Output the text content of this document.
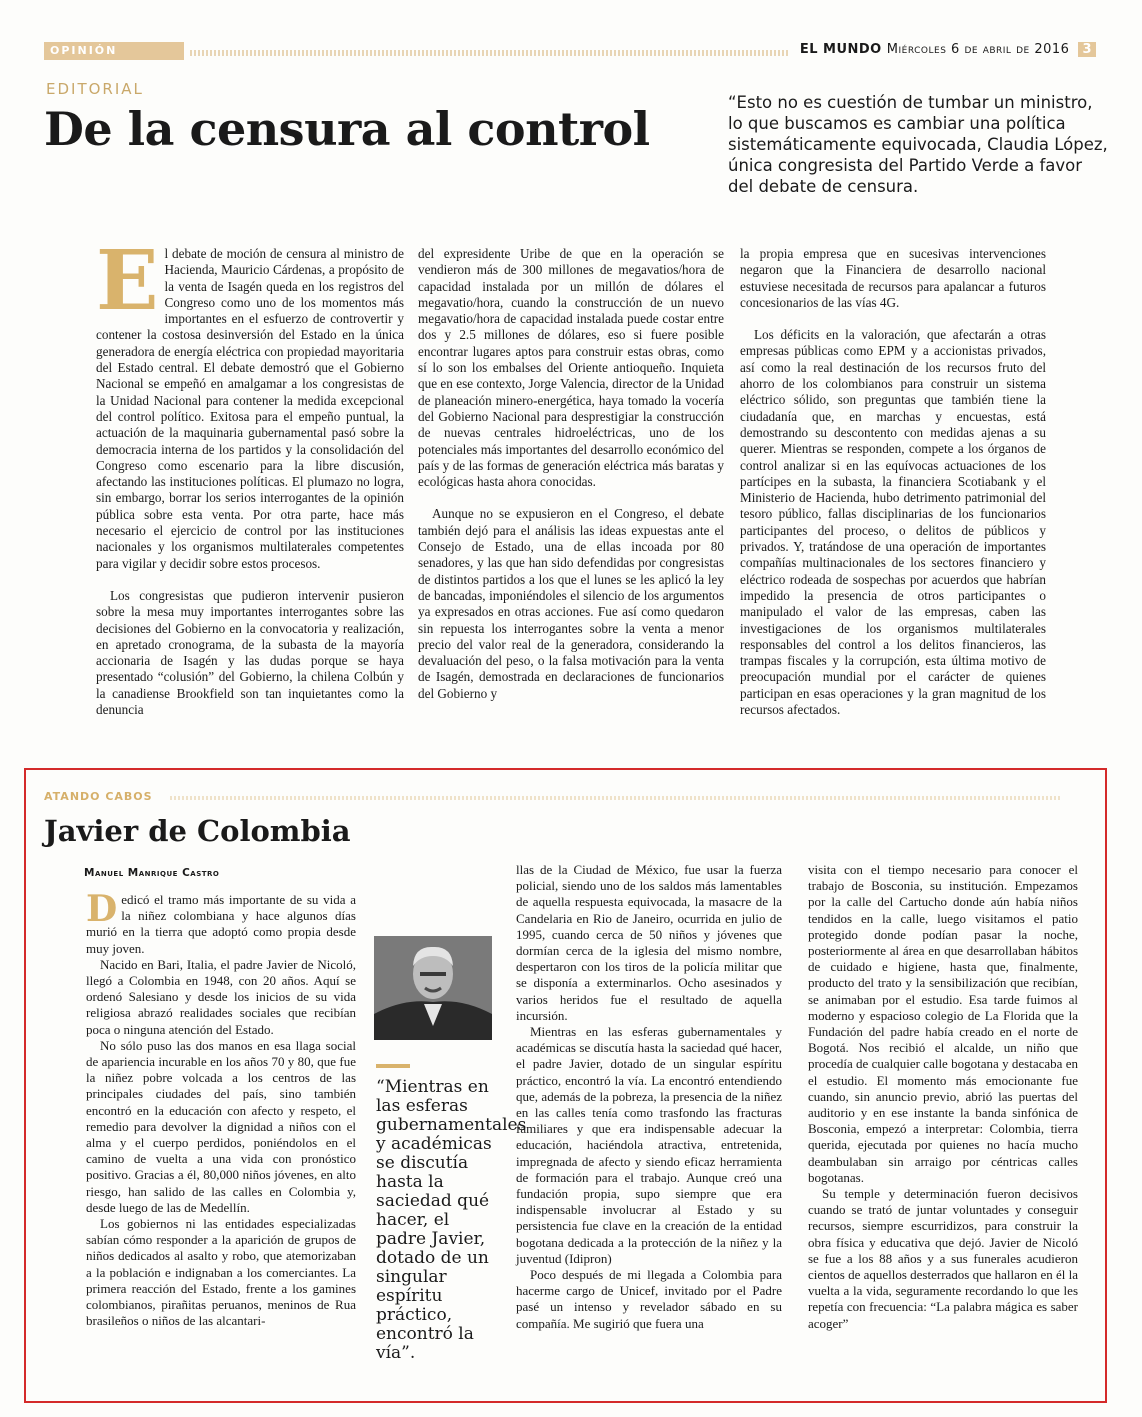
OPINIÓN	EL MUNDO Miércoles 6 de abril de 2016 3
EDITORIAL
De la censura al control	“Esto no es cuestión de tumbar un ministro, lo que buscamos es cambiar una política sistemáticamente equivocada, Claudia López, única congresista del Partido Verde a favor del debate de censura.

El debate de moción de censura al ministro de Hacienda, Mauricio Cárdenas, a propósito de la venta de Isagén queda en los registros del Congreso como uno de los momentos más importantes en el esfuerzo de controvertir y contener la costosa desinversión del Estado en la única generadora de energía eléctrica con propiedad mayoritaria del Estado central. El debate demostró que el Gobierno Nacional se empeñó en amalgamar a los congresistas de la Unidad Nacional para contener la medida excepcional del control político. Exitosa para el empeño puntual, la actuación de la maquinaria gubernamental pasó sobre la democracia interna de los partidos y la consolidación del Congreso como escenario para la libre discusión, afectando las instituciones políticas. El plumazo no logra, sin embargo, borrar los serios interrogantes de la opinión pública sobre esta venta. Por otra parte, hace más necesario el ejercicio de control por las instituciones nacionales y los organismos multilaterales competentes para vigilar y decidir sobre estos procesos.

Los congresistas que pudieron intervenir pusieron sobre la mesa muy importantes interrogantes sobre las decisiones del Gobierno en la convocatoria y realización, en apretado cronograma, de la subasta de la mayoría accionaria de Isagén y las dudas porque se haya presentado “colusión” del Gobierno, la chilena Colbún y la canadiense Brookfield son tan inquietantes como la denuncia

del expresidente Uribe de que en la operación se vendieron más de 300 millones de megavatios/hora de capacidad instalada por un millón de dólares el megavatio/hora, cuando la construcción de un nuevo megavatio/hora de capacidad instalada puede costar entre dos y 2.5 millones de dólares, eso si fuere posible encontrar lugares aptos para construir estas obras, como sí lo son los embalses del Oriente antioqueño. Inquieta que en ese contexto, Jorge Valencia, director de la Unidad de planeación minero-energética, haya tomado la vocería del Gobierno Nacional para desprestigiar la construcción de nuevas centrales hidroeléctricas, uno de los potenciales más importantes del desarrollo económico del país y de las formas de generación eléctrica más baratas y ecológicas hasta ahora conocidas.

Aunque no se expusieron en el Congreso, el debate también dejó para el análisis las ideas expuestas ante el Consejo de Estado, una de ellas incoada por 80 senadores, y las que han sido defendidas por congresistas de distintos partidos a los que el lunes se les aplicó la ley de bancadas, imponiéndoles el silencio de los argumentos ya expresados en otras acciones. Fue así como quedaron sin repuesta los interrogantes sobre la venta a menor precio del valor real de la generadora, considerando la devaluación del peso, o la falsa motivación para la venta de Isagén, demostrada en declaraciones de funcionarios del Gobierno y

la propia empresa que en sucesivas intervenciones negaron que la Financiera de desarrollo nacional estuviese necesitada de recursos para apalancar a futuros concesionarios de las vías 4G.

Los déficits en la valoración, que afectarán a otras empresas públicas como EPM y a accionistas privados, así como la real destinación de los recursos fruto del ahorro de los colombianos para construir un sistema eléctrico sólido, son preguntas que también tiene la ciudadanía que, en marchas y encuestas, está demostrando su descontento con medidas ajenas a su querer. Mientras se responden, compete a los órganos de control analizar si en las equívocas actuaciones de los partícipes en la subasta, la financiera Scotiabank y el Ministerio de Hacienda, hubo detrimento patrimonial del tesoro público, fallas disciplinarias de los funcionarios participantes del proceso, o delitos de públicos y privados. Y, tratándose de una operación de importantes compañías multinacionales de los sectores financiero y eléctrico rodeada de sospechas por acuerdos que habrían impedido la presencia de otros participantes o manipulado el valor de las empresas, caben las investigaciones de los organismos multilaterales responsables del control a los delitos financieros, las trampas fiscales y la corrupción, esta última motivo de preocupación mundial por el carácter de quienes participan en esas operaciones y la gran magnitud de los recursos afectados.

ATANDO CABOS
Javier de Colombia
Manuel Manrique Castro

Dedicó el tramo más importante de su vida a la niñez colombiana y hace algunos días murió en la tierra que adoptó como propia desde muy joven.

Nacido en Bari, Italia, el padre Javier de Nicoló, llegó a Colombia en 1948, con 20 años. Aquí se ordenó Salesiano y desde los inicios de su vida religiosa abrazó realidades sociales que recibían poca o ninguna atención del Estado.

No sólo puso las dos manos en esa llaga social de apariencia incurable en los años 70 y 80, que fue la niñez pobre volcada a los centros de las principales ciudades del país, sino también encontró en la educación con afecto y respeto, el remedio para devolver la dignidad a niños con el alma y el cuerpo perdidos, poniéndolos en el camino de vuelta a una vida con pronóstico positivo. Gracias a él, 80,000 niños jóvenes, en alto riesgo, han salido de las calles en Colombia y, desde luego de las de Medellín.

Los gobiernos ni las entidades especializadas sabían cómo responder a la aparición de grupos de niños dedicados al asalto y robo, que atemorizaban a la población e indignaban a los comerciantes. La primera reacción del Estado, frente a los gamines colombianos, pirañitas peruanos, meninos de Rua brasileños o niños de las alcantari-

“Mientras en las esferas gubernamentales y académicas se discutía hasta la saciedad qué hacer, el padre Javier, dotado de un singular espíritu práctico, encontró la vía”.

llas de la Ciudad de México, fue usar la fuerza policial, siendo uno de los saldos más lamentables de aquella respuesta equivocada, la masacre de la Candelaria en Rio de Janeiro, ocurrida en julio de 1995, cuando cerca de 50 niños y jóvenes que dormían cerca de la iglesia del mismo nombre, despertaron con los tiros de la policía militar que se disponía a exterminarlos. Ocho asesinados y varios heridos fue el resultado de aquella incursión.

Mientras en las esferas gubernamentales y académicas se discutía hasta la saciedad qué hacer, el padre Javier, dotado de un singular espíritu práctico, encontró la vía. La encontró entendiendo que, además de la pobreza, la presencia de la niñez en las calles tenía como trasfondo las fracturas familiares y que era indispensable adecuar la educación, haciéndola atractiva, entretenida, impregnada de afecto y siendo eficaz herramienta de formación para el trabajo. Aunque creó una fundación propia, supo siempre que era indispensable involucrar al Estado y su persistencia fue clave en la creación de la entidad bogotana dedicada a la protección de la niñez y la juventud (Idipron)

Poco después de mi llegada a Colombia para hacerme cargo de Unicef, invitado por el Padre pasé un intenso y revelador sábado en su compañía. Me sugirió que fuera una

visita con el tiempo necesario para conocer el trabajo de Bosconia, su institución. Empezamos por la calle del Cartucho donde aún había niños tendidos en la calle, luego visitamos el patio protegido donde podían pasar la noche, posteriormente al área en que desarrollaban hábitos de cuidado e higiene, hasta que, finalmente, producto del trato y la sensibilización que recibían, se animaban por el estudio. Esa tarde fuimos al moderno y espacioso colegio de La Florida que la Fundación del padre había creado en el norte de Bogotá. Nos recibió el alcalde, un niño que procedía de cualquier calle bogotana y destacaba en el estudio. El momento más emocionante fue cuando, sin anuncio previo, abrió las puertas del auditorio y en ese instante la banda sinfónica de Bosconia, empezó a interpretar: Colombia, tierra querida, ejecutada por quienes no hacía mucho deambulaban sin arraigo por céntricas calles bogotanas.

Su temple y determinación fueron decisivos cuando se trató de juntar voluntades y conseguir recursos, siempre escurridizos, para construir la obra física y educativa que dejó. Javier de Nicoló se fue a los 88 años y a sus funerales acudieron cientos de aquellos desterrados que hallaron en él la vuelta a la vida, seguramente recordando lo que les repetía con frecuencia: “La palabra mágica es saber acoger”
